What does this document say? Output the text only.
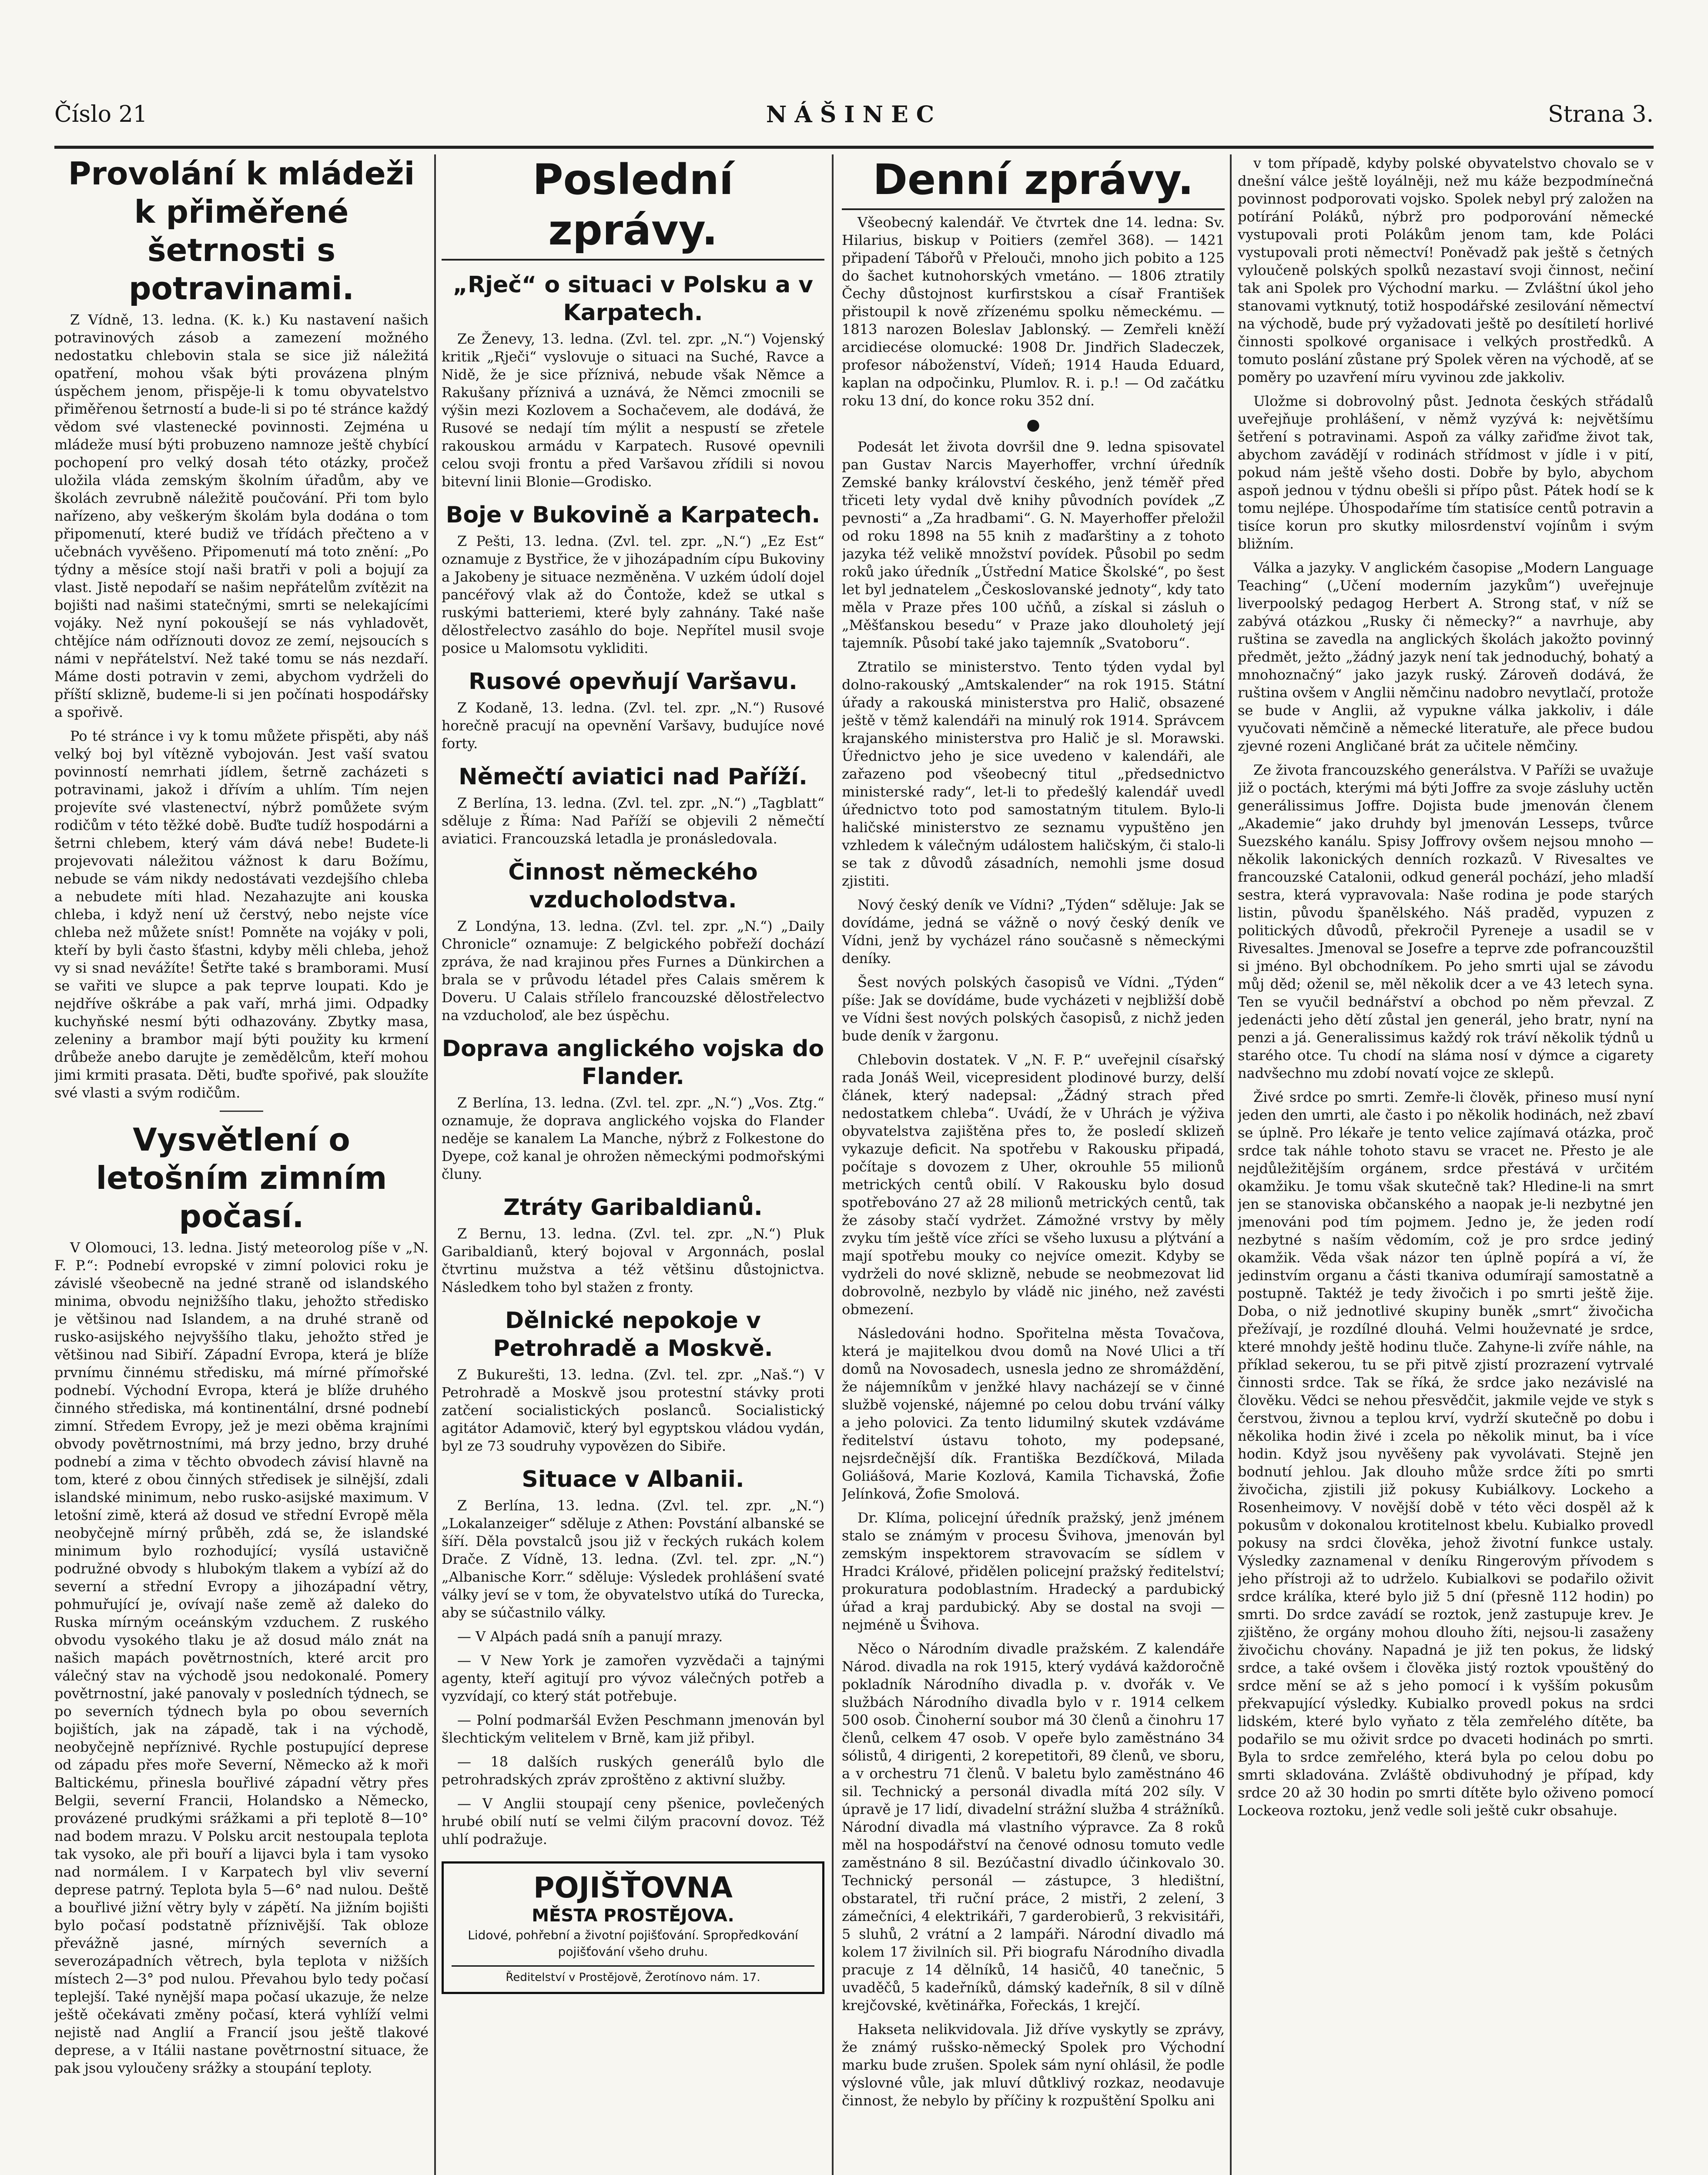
Číslo 21	NÁŠINEC	Strana 3.
Provolání k mládeži k přiměřené šetrnosti s potravinami.

Z Vídně, 13. ledna. (K. k.) Ku nastavení našich potravinových zásob a zamezení možného nedostatku chlebovin stala se sice již náležitá opatření, mohou však býti provázena plným úspěchem jenom, přispěje-li k tomu obyvatelstvo přiměřenou šetrností a bude-li si po té stránce každý vědom své vlastenecké povinnosti. Zejména u mládeže musí býti probuzeno namnoze ještě chybící pochopení pro velký dosah této otázky, pročež uložila vláda zemským školním úřadům, aby ve školách zevrubně náležitě poučování. Při tom bylo nařízeno, aby veškerým školám byla dodána o tom připomenutí, které budiž ve třídách přečteno a v učebnách vyvěšeno. Připomenutí má toto znění: „Po týdny a měsíce stojí naši bratři v poli a bojují za vlast. Jistě nepodaří se našim nepřátelům zvítězit na bojišti nad našimi statečnými, smrti se nelekajícími vojáky. Než nyní pokoušejí se nás vyhladovět, chtějíce nám odříznouti dovoz ze zemí, nejsoucích s námi v nepřátelství. Než také tomu se nás nezdaří. Máme dosti potravin v zemi, abychom vydrželi do příští sklizně, budeme-li si jen počínati hospodářsky a spořivě.

Po té stránce i vy k tomu můžete přispěti, aby náš velký boj byl vítězně vybojován. Jest vaší svatou povinností nemrhati jídlem, šetrně zacházeti s potravinami, jakož i dřívím a uhlím. Tím nejen projevíte své vlastenectví, nýbrž pomůžete svým rodičům v této těžké době. Buďte tudíž hospodárni a šetrni chlebem, který vám dává nebe! Budete-li projevovati náležitou vážnost k daru Božímu, nebude se vám nikdy nedostávati vezdejšího chleba a nebudete míti hlad. Nezahazujte ani kouska chleba, i když není už čerstvý, nebo nejste více chleba než můžete sníst! Pomněte na vojáky v poli, kteří by byli často šťastni, kdyby měli chleba, jehož vy si snad nevážíte! Šetřte také s bramborami. Musí se vařiti ve slupce a pak teprve loupati. Kdo je nejdříve oškrábe a pak vaří, mrhá jimi. Odpadky kuchyňské nesmí býti odhazovány. Zbytky masa, zeleniny a brambor mají býti použity ku krmení drůbeže anebo darujte je zemědělcům, kteří mohou jimi krmiti prasata. Děti, buďte spořivé, pak sloužíte své vlasti a svým rodičům.

Vysvětlení o letošním zimním počasí.

V Olomouci, 13. ledna. Jistý meteorolog píše v „N. F. P.“: Podnebí evropské v zimní polovici roku je závislé všeobecně na jedné straně od islandského minima, obvodu nejnižšího tlaku, jehožto středisko je většinou nad Islandem, a na druhé straně od rusko-asijského nejvyššího tlaku, jehožto střed je většinou nad Sibiří. Západní Evropa, která je blíže prvnímu činnému středisku, má mírné přímořské podnebí. Východní Evropa, která je blíže druhého činného střediska, má kontinentální, drsné podnebí zimní. Středem Evropy, jež je mezi oběma krajními obvody povětrnostními, má brzy jedno, brzy druhé podnebí a zima v těchto obvodech závisí hlavně na tom, které z obou činných středisek je silnější, zdali islandské minimum, nebo rusko-asijské maximum. V letošní zimě, která až dosud ve střední Evropě měla neobyčejně mírný průběh, zdá se, že islandské minimum bylo rozhodující; vysílá ustavičně podružné obvody s hlubokým tlakem a vybízí až do severní a střední Evropy a jihozápadní větry, pohmuřující je, ovívají naše země až daleko do Ruska mírným oceánským vzduchem. Z ruského obvodu vysokého tlaku je až dosud málo znát na našich mapách povětrnostních, které arcit pro válečný stav na východě jsou nedokonalé. Pomery povětrnostní, jaké panovaly v posledních týdnech, se po severních týdnech byla po obou severních bojištích, jak na západě, tak i na východě, neobyčejně nepříznivé. Rychle postupující deprese od západu přes moře Severní, Německo až k moři Baltickému, přinesla bouřlivé západní větry přes Belgii, severní Francii, Holandsko a Německo, provázené prudkými srážkami a při teplotě 8—10° nad bodem mrazu. V Polsku arcit nestoupala teplota tak vysoko, ale při bouří a lijavci byla i tam vysoko nad normálem. I v Karpatech byl vliv severní deprese patrný. Teplota byla 5—6° nad nulou. Deště a bouřlivé jižní větry byly v zápětí. Na jižním bojišti bylo počasí podstatně příznivější. Tak obloze převážně jasné, mírných severních a severozápadních větrech, byla teplota v nižších místech 2—3° pod nulou. Převahou bylo tedy počasí teplejší. Také nynější mapa počasí ukazuje, že nelze ještě očekávati změny počasí, která vyhlíží velmi nejistě nad Anglií a Francií jsou ještě tlakové deprese, a v Itálii nastane povětrnostní situace, že pak jsou vyloučeny srážky a stoupání teploty.

Poslední zprávy.
„Rječ“ o situaci v Polsku a v Karpatech.

Ze Ženevy, 13. ledna. (Zvl. tel. zpr. „N.“) Vojenský kritik „Rječi“ vyslovuje o situaci na Suché, Ravce a Nidě, že je sice příznivá, nebude však Němce a Rakušany příznivá a uznává, že Němci zmocnili se výšin mezi Kozlovem a Sochačevem, ale dodává, že Rusové se nedají tím mýlit a nespustí se zřetele rakouskou armádu v Karpatech. Rusové opevnili celou svoji frontu a před Varšavou zřídili si novou bitevní linii Blonie—Grodisko.

Boje v Bukovině a Karpatech.

Z Pešti, 13. ledna. (Zvl. tel. zpr. „N.“) „Ez Est“ oznamuje z Bystřice, že v jihozápadním cípu Bukoviny a Jakobeny je situace nezměněna. V uzkém údolí dojel pancéřový vlak až do Čontože, kdež se utkal s ruskými batteriemi, které byly zahnány. Také naše dělostřelectvo zasáhlo do boje. Nepřítel musil svoje posice u Malomsotu vykliditi.

Rusové opevňují Varšavu.

Z Kodaně, 13. ledna. (Zvl. tel. zpr. „N.“) Rusové horečně pracují na opevnění Varšavy, budujíce nové forty.

Němečtí aviatici nad Paříží.

Z Berlína, 13. ledna. (Zvl. tel. zpr. „N.“) „Tagblatt“ sděluje z Říma: Nad Paříží se objevili 2 němečtí aviatici. Francouzská letadla je pronásledovala.

Činnost německého vzducholodstva.

Z Londýna, 13. ledna. (Zvl. tel. zpr. „N.“) „Daily Chronicle“ oznamuje: Z belgického pobřeží dochází zpráva, že nad krajinou přes Furnes a Dünkirchen a brala se v průvodu létadel přes Calais směrem k Doveru. U Calais střílelo francouzské dělostřelectvo na vzducholoď, ale bez úspěchu.

Doprava anglického vojska do Flander.

Z Berlína, 13. ledna. (Zvl. tel. zpr. „N.“) „Vos. Ztg.“ oznamuje, že doprava anglického vojska do Flander neděje se kanalem La Manche, nýbrž z Folkestone do Dyepe, což kanal je ohrožen německými podmořskými čluny.

Ztráty Garibaldianů.

Z Bernu, 13. ledna. (Zvl. tel. zpr. „N.“) Pluk Garibaldianů, který bojoval v Argonnách, poslal čtvrtinu mužstva a též většinu důstojnictva. Následkem toho byl stažen z fronty.

Dělnické nepokoje v Petrohradě a Moskvě.

Z Bukurešti, 13. ledna. (Zvl. tel. zpr. „Naš.“) V Petrohradě a Moskvě jsou protestní stávky proti zatčení socialistických poslanců. Socialistický agitátor Adamovič, který byl egyptskou vládou vydán, byl ze 73 soudruhy vypovězen do Sibiře.

Situace v Albanii.

Z Berlína, 13. ledna. (Zvl. tel. zpr. „N.“) „Lokalanzeiger“ sděluje z Athen: Povstání albanské se šíří. Děla povstalců jsou již v řeckých rukách kolem Drače. Z Vídně, 13. ledna. (Zvl. tel. zpr. „N.“) „Albanische Korr.“ sděluje: Výsledek prohlášení svaté války jeví se v tom, že obyvatelstvo utíká do Turecka, aby se súčastnilo války.

— V Alpách padá sníh a panují mrazy.

— V New York je zamořen vyzvědači a tajnými agenty, kteří agitují pro vývoz válečných potřeb a vyzvídají, co který stát potřebuje.

— Polní podmaršál Evžen Peschmann jmenován byl šlechtickým velitelem v Brně, kam již přibyl.

— 18 dalších ruských generálů bylo dle petrohradských zpráv zproštěno z aktivní služby.

— V Anglii stoupají ceny pšenice, povlečených hrubé obilí nutí se velmi čilým pracovní dovoz. Též uhlí podražuje.

POJIŠŤOVNA
MĚSTA PROSTĚJOVA.
Lidové, pohřební a životní pojišťování. Spropředkování pojišťování všeho druhu.
Ředitelství v Prostějově, Žerotínovo nám. 17.
Denní zprávy.

Všeobecný kalendář. Ve čtvrtek dne 14. ledna: Sv. Hilarius, biskup v Poitiers (zemřel 368). — 1421 připadení Tábořů v Přelouči, mnoho jich pobito a 125 do šachet kutnohorských vmetáno. — 1806 ztratily Čechy důstojnost kurfirstskou a císař František přistoupil k nově zřízenému spolku německému. — 1813 narozen Boleslav Jablonský. — Zemřeli kněží arcidiecése olomucké: 1908 Dr. Jindřich Sladeczek, profesor náboženství, Vídeň; 1914 Hauda Eduard, kaplan na odpočinku, Plumlov. R. i. p.! — Od začátku roku 13 dní, do konce roku 352 dní.

●

Podesát let života dovršil dne 9. ledna spisovatel pan Gustav Narcis Mayerhoffer, vrchní úředník Zemské banky království českého, jenž téměř před třiceti lety vydal dvě knihy původních povídek „Z pevnosti“ a „Za hradbami“. G. N. Mayerhoffer přeložil od roku 1898 na 55 knih z maďarštiny a z tohoto jazyka též velikě množství povídek. Působil po sedm roků jako úředník „Ústřední Matice Školské“, po šest let byl jednatelem „Českoslovanské jednoty“, kdy tato měla v Praze přes 100 učňů, a získal si zásluh o „Měšťanskou besedu“ v Praze jako dlouholetý její tajemník. Působí také jako tajemník „Svatoboru“.

Ztratilo se ministerstvo. Tento týden vydal byl dolno-rakouský „Amtskalender“ na rok 1915. Státní úřady a rakouská ministerstva pro Halič, obsazené ještě v těmž kalendáři na minulý rok 1914. Správcem krajanského ministerstva pro Halič je sl. Morawski. Úřednictvo jeho je sice uvedeno v kalendáři, ale zařazeno pod všeobecný titul „předsednictvo ministerské rady“, let-li to předešlý kalendář uvedl úřednictvo toto pod samostatným titulem. Bylo-li haličské ministerstvo ze seznamu vypuštěno jen vzhledem k válečným událostem haličským, či stalo-li se tak z důvodů zásadních, nemohli jsme dosud zjistiti.

Nový český deník ve Vídni? „Týden“ sděluje: Jak se dovídáme, jedná se vážně o nový český deník ve Vídni, jenž by vycházel ráno současně s německými deníky.

Šest nových polských časopisů ve Vídni. „Týden“ píše: Jak se dovídáme, bude vycházeti v nejbližší době ve Vídni šest nových polských časopisů, z nichž jeden bude deník v žargonu.

Chlebovin dostatek. V „N. F. P.“ uveřejnil císařský rada Jonáš Weil, vicepresident plodinové burzy, delší článek, který nadepsal: „Žádný strach před nedostatkem chleba“. Uvádí, že v Uhrách je výživa obyvatelstva zajištěna přes to, že posledí sklizeň vykazuje deficit. Na spotřebu v Rakousku připadá, počítaje s dovozem z Uher, okrouhle 55 milionů metrických centů obilí. V Rakousku bylo dosud spotřebováno 27 až 28 milionů metrických centů, tak že zásoby stačí vydržet. Zámožné vrstvy by měly zvyku tím ještě více zříci se všeho luxusu a plýtvání a mají spotřebu mouky co nejvíce omezit. Kdyby se vydrželi do nové sklizně, nebude se neobmezovat lid dobrovolně, nezbylo by vládě nic jiného, než zavésti obmezení.

Následováni hodno. Spořitelna města Tovačova, která je majitelkou dvou domů na Nové Ulici a tří domů na Novosadech, usnesla jedno ze shromáždění, že nájemníkům v jenžké hlavy nacházejí se v činné službě vojenské, nájemné po celou dobu trvání války a jeho polovici. Za tento lidumilný skutek vzdáváme ředitelství ústavu tohoto, my podepsané, nejsrdečnější dík. Františka Bezdíčková, Milada Goliášová, Marie Kozlová, Kamila Tichavská, Žofie Jelínková, Žofie Smolová.

Dr. Klíma, policejní úředník pražský, jenž jménem stalo se známým v procesu Švihova, jmenován byl zemským inspektorem stravovacím se sídlem v Hradci Králové, přidělen policejní pražský ředitelství; prokuratura podoblastním. Hradecký a pardubický úřad a kraj pardubický. Aby se dostal na svoji — nejméně u Švihova.

Něco o Národním divadle pražském. Z kalendáře Národ. divadla na rok 1915, který vydává každoročně pokladník Národního divadla p. v. dvořák v. Ve službách Národního divadla bylo v r. 1914 celkem 500 osob. Činoherní soubor má 30 členů a činohru 17 členů, celkem 47 osob. V opeře bylo zaměstnáno 34 sólistů, 4 dirigenti, 2 korepetitoři, 89 členů, ve sboru, a v orchestru 71 členů. V baletu bylo zaměstnáno 46 sil. Technický a personál divadla mítá 202 síly. V úpravě je 17 lidí, divadelní strážní služba 4 strážníků. Národní divadla má vlastního výpravce. Za 8 roků měl na hospodářství na čenové odnosu tomuto vedle zaměstnáno 8 sil. Bezúčastní divadlo účinkovalo 30. Technický personál — zástupce, 3 hledištní, obstaratel, tři ruční práce, 2 mistři, 2 zelení, 3 zámečníci, 4 elektrikáři, 7 garderobierů, 3 rekvisitáři, 5 sluhů, 2 vrátní a 2 lampáři. Národní divadlo má kolem 17 živilních sil. Při biografu Národního divadla pracuje z 14 dělníků, 14 hasičů, 40 tanečnic, 5 uvaděčů, 5 kadeřníků, dámský kadeřník, 8 sil v dílně krejčovské, květinářka, Fořeckás, 1 krejčí.

Hakseta nelikvidovala. Již dříve vyskytly se zprávy, že známý rušsko-německý Spolek pro Východní marku bude zrušen. Spolek sám nyní ohlásil, že podle výslovné vůle, jak mluví důtklivý rozkaz, neodavuje činnost, že nebylo by příčiny k rozpuštění Spolku ani

v tom případě, kdyby polské obyvatelstvo chovalo se v dnešní válce ještě loyálněji, než mu káže bezpodmínečná povinnost podporovati vojsko. Spolek nebyl prý založen na potírání Poláků, nýbrž pro podporování německé vystupovali proti Polákům jenom tam, kde Poláci vystupovali proti němectví! Poněvadž pak ještě s četných vyloučeně polských spolků nezastaví svoji činnost, nečiní tak ani Spolek pro Východní marku. — Zvláštní úkol jeho stanovami vytknutý, totiž hospodářské zesilování němectví na východě, bude prý vyžadovati ještě po desítiletí horlivé činnosti spolkové organisace i velkých prostředků. A tomuto poslání zůstane prý Spolek věren na východě, ať se poměry po uzavření míru vyvinou zde jakkoliv.

Uložme si dobrovolný půst. Jednota českých střádalů uveřejňuje prohlášení, v němž vyzývá k: největšímu šetření s potravinami. Aspoň za války zařiďme život tak, abychom zavádějí v rodinách střídmost v jídle i v pití, pokud nám ještě všeho dosti. Dobře by bylo, abychom aspoň jednou v týdnu obešli si přípo půst. Pátek hodí se k tomu nejlépe. Úhospodaříme tím statisíce centů potravin a tisíce korun pro skutky milosrdenství vojínům i svým bližním.

Válka a jazyky. V anglickém časopise „Modern Language Teaching“ („Učení moderním jazykům“) uveřejnuje liverpoolský pedagog Herbert A. Strong stať, v níž se zabývá otázkou „Rusky či německy?“ a navrhuje, aby ruština se zavedla na anglických školách jakožto povinný předmět, ježto „žádný jazyk není tak jednoduchý, bohatý a mnohoznačný“ jako jazyk ruský. Zároveň dodává, že ruština ovšem v Anglii němčinu nadobro nevytlačí, protože se bude v Anglii, až vypukne válka jakkoliv, i dále vyučovati němčině a německé literatuře, ale přece budou zjevné rozeni Angličané brát za učitele němčiny.

Ze života francouzského generálstva. V Paříži se uvažuje již o poctách, kterými má býti Joffre za svoje zásluhy uctěn generálissimus Joffre. Dojista bude jmenován členem „Akademie“ jako druhdy byl jmenován Lesseps, tvůrce Suezského kanálu. Spisy Joffrovy ovšem nejsou mnoho — několik lakonických denních rozkazů. V Rivesaltes ve francouzské Catalonii, odkud generál pochází, jeho mladší sestra, která vypravovala: Naše rodina je pode starých listin, původu španělského. Náš praděd, vypuzen z politických důvodů, překročil Pyreneje a usadil se v Rivesaltes. Jmenoval se Josefre a teprve zde pofrancouzštil si jméno. Byl obchodníkem. Po jeho smrti ujal se závodu můj děd; oženil se, měl několik dcer a ve 43 letech syna. Ten se vyučil bednářství a obchod po něm převzal. Z jedenácti jeho dětí zůstal jen generál, jeho bratr, nyní na penzi a já. Generalissimus každý rok tráví několik týdnů u starého otce. Tu chodí na sláma nosí v dýmce a cigarety nadvšechno mu zdobí novatí vojce ze sklepů.

Živé srdce po smrti. Zemře-li člověk, přineso musí nyní jeden den umrti, ale často i po několik hodinách, než zbaví se úplně. Pro lékaře je tento velice zajímavá otázka, proč srdce tak náhle tohoto stavu se vracet ne. Přesto je ale nejdůležitějším orgánem, srdce přestává v určitém okamžiku. Je tomu však skutečně tak? Hledine-li na smrt jen se stanoviska občanského a naopak je-li nezbytné jen jmenováni pod tím pojmem. Jedno je, že jeden rodí nezbytné s naším vědomím, což je pro srdce jediný okamžik. Věda však názor ten úplně popírá a ví, že jedinstvím organu a části tkaniva odumírají samostatně a postupně. Taktéž je tedy živočich i po smrti ještě žije. Doba, o niž jednotlivé skupiny buněk „smrt“ živočicha přežívají, je rozdílné dlouhá. Velmi houževnaté je srdce, které mnohdy ještě hodinu tluče. Zahyne-li zvíře náhle, na příklad sekerou, tu se při pitvě zjistí prozrazení vytrvalé činnosti srdce. Tak se říká, že srdce jako nezávislé na člověku. Vědci se nehou přesvědčit, jakmile vejde ve styk s čerstvou, živnou a teplou krví, vydrží skutečně po dobu i několika hodin živé i zcela po několik minut, ba i více hodin. Když jsou nyvěšeny pak vyvolávati. Stejně jen bodnutí jehlou. Jak dlouho může srdce žíti po smrti živočicha, zjistili již pokusy Kubiálkovy. Lockeho a Rosenheimovy. V novější době v této věci dospěl až k pokusům v dokonalou krotitelnost kbelu. Kubialko provedl pokusy na srdci člověka, jehož životní funkce ustaly. Výsledky zaznamenal v deníku Ringerovým přívodem s jeho přístroji až to udrželo. Kubialkovi se podařilo oživit srdce králíka, které bylo již 5 dní (přesně 112 hodin) po smrti. Do srdce zavádí se roztok, jenž zastupuje krev. Je zjištěno, že orgány mohou dlouho žíti, nejsou-li zasaženy živočichu chovány. Napadná je již ten pokus, že lidský srdce, a také ovšem i člověka jistý roztok vpouštěný do srdce mění se až s jeho pomocí i k vyšším pokusům překvapující výsledky. Kubialko provedl pokus na srdci lidském, které bylo vyňato z těla zemřelého dítěte, ba podařilo se mu oživit srdce po dvaceti hodinách po smrti. Byla to srdce zemřelého, která byla po celou dobu po smrti skladována. Zvláště obdivuhodný je případ, kdy srdce 20 až 30 hodin po smrti dítěte bylo oživeno pomocí Lockeova roztoku, jenž vedle soli ještě cukr obsahuje.
